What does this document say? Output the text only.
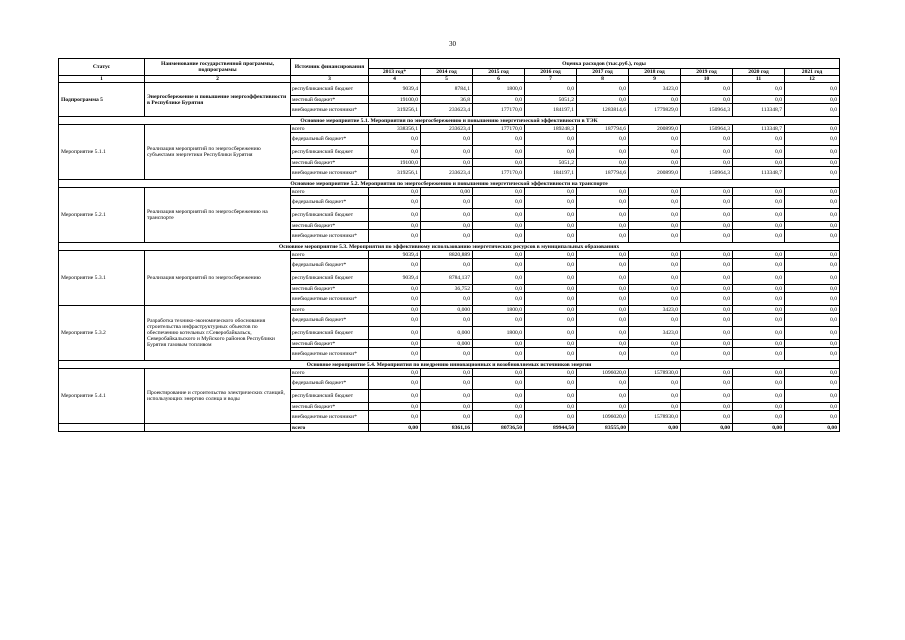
30
Статус	Наименование государственной программы, подпрограммы	Источник финансирования	Оценка расходов (тыс.руб.), годы								
			2013 год*	2014 год	2015 год	2016 год	2017 год	2018 год	2019 год	2020 год	2021 год
1	2	3	4	5	6	7	8	9	10	11	12
Подпрограмма 5	Энергосбережение и повышение энергоэффективности в Республике Бурятия	республиканский бюджет	9039,4	8784,1	1800,0	0,0	0,0	3423,0	0,0	0,0	0,0
		местный бюджет*	19100,0	36,8	0,0	5051,2	0,0	0,0	0,0	0,0	0,0
		внебюджетные источники*	319256,1	233623,4	177170,0	184197,1	1283814,6	1779829,0	150964,3	113348,7	0,0
Основное мероприятие 5.1. Мероприятия по энергосбережению и повышению энергетической эффективности в ТЭК											
Мероприятие 5.1.1	Реализация мероприятий по энергосбережению субъектами энергетики Республики Бурятия	всего	338356,1	233623,4	177170,0	189248,3	187794,6	200899,0	150964,3	113348,7	0,0
		федеральный бюджет*	0,0	0,0	0,0	0,0	0,0	0,0	0,0	0,0	0,0
		республиканский бюджет	0,0	0,0	0,0	0,0	0,0	0,0	0,0	0,0	0,0
		местный бюджет*	19100,0	0,0	0,0	5051,2	0,0	0,0	0,0	0,0	0,0
		внебюджетные источники*	319256,1	233623,4	177170,0	184197,1	187794,6	200899,0	150964,3	113348,7	0,0
Основное мероприятие 5.2. Мероприятия по энергосбережению и повышению энергетической эффективности на транспорте											
Мероприятие 5.2.1	Реализация мероприятий по энергосбережению на транспорте	всего	0,0	0,00	0,0	0,0	0,0	0,0	0,0	0,0	0,0
		федеральный бюджет*	0,0	0,0	0,0	0,0	0,0	0,0	0,0	0,0	0,0
		республиканский бюджет	0,0	0,0	0,0	0,0	0,0	0,0	0,0	0,0	0,0
		местный бюджет*	0,0	0,0	0,0	0,0	0,0	0,0	0,0	0,0	0,0
		внебюджетные источники*	0,0	0,0	0,0	0,0	0,0	0,0	0,0	0,0	0,0
Основное мероприятие 5.3. Мероприятия по эффективному использованию энергетических ресурсов в муниципальных образованиях											
Мероприятие 5.3.1	Реализация мероприятий по энергосбережению	всего	9039,4	8820,889	0,0	0,0	0,0	0,0	0,0	0,0	0,0
		федеральный бюджет*	0,0	0,0	0,0	0,0	0,0	0,0	0,0	0,0	0,0
		республиканский бюджет	9039,4	8784,137	0,0	0,0	0,0	0,0	0,0	0,0	0,0
		местный бюджет*	0,0	36,752	0,0	0,0	0,0	0,0	0,0	0,0	0,0
		внебюджетные источники*	0,0	0,0	0,0	0,0	0,0	0,0	0,0	0,0	0,0
Мероприятие 5.3.2	Разработка технико-экономического обоснования строительства инфраструктурных объектов по обеспечению котельных г.Северобайкальск, Северобайкальского и Муйского районов Республики Бурятия газовым топливом	всего	0,0	0,000	1800,0	0,0	0,0	3423,0	0,0	0,0	0,0
		федеральный бюджет*	0,0	0,0	0,0	0,0	0,0	0,0	0,0	0,0	0,0
		республиканский бюджет	0,0	0,000	1800,0	0,0	0,0	3423,0	0,0	0,0	0,0
		местный бюджет*	0,0	0,000	0,0	0,0	0,0	0,0	0,0	0,0	0,0
		внебюджетные источники*	0,0	0,0	0,0	0,0	0,0	0,0	0,0	0,0	0,0
Основное мероприятие 5.4. Мероприятия по внедрению инновационных и возобновляемых источников энергии											
Мероприятие 5.4.1	Проектирование и строительство электрических станций, использующих энергию солнца и воды	всего	0,0	0,0	0,0	0,0	1096020,0	1578930,0	0,0	0,0	0,0
		федеральный бюджет*	0,0	0,0	0,0	0,0	0,0	0,0	0,0	0,0	0,0
		республиканский бюджет	0,0	0,0	0,0	0,0	0,0	0,0	0,0	0,0	0,0
		местный бюджет*	0,0	0,0	0,0	0,0	0,0	0,0	0,0	0,0	0,0
		внебюджетные источники*	0,0	0,0	0,0	0,0	1096020,0	1578930,0	0,0	0,0	0,0
		всего	0,00	8361,16	80736,50	89944,50	83555,00	0,00	0,00	0,00	0,00
